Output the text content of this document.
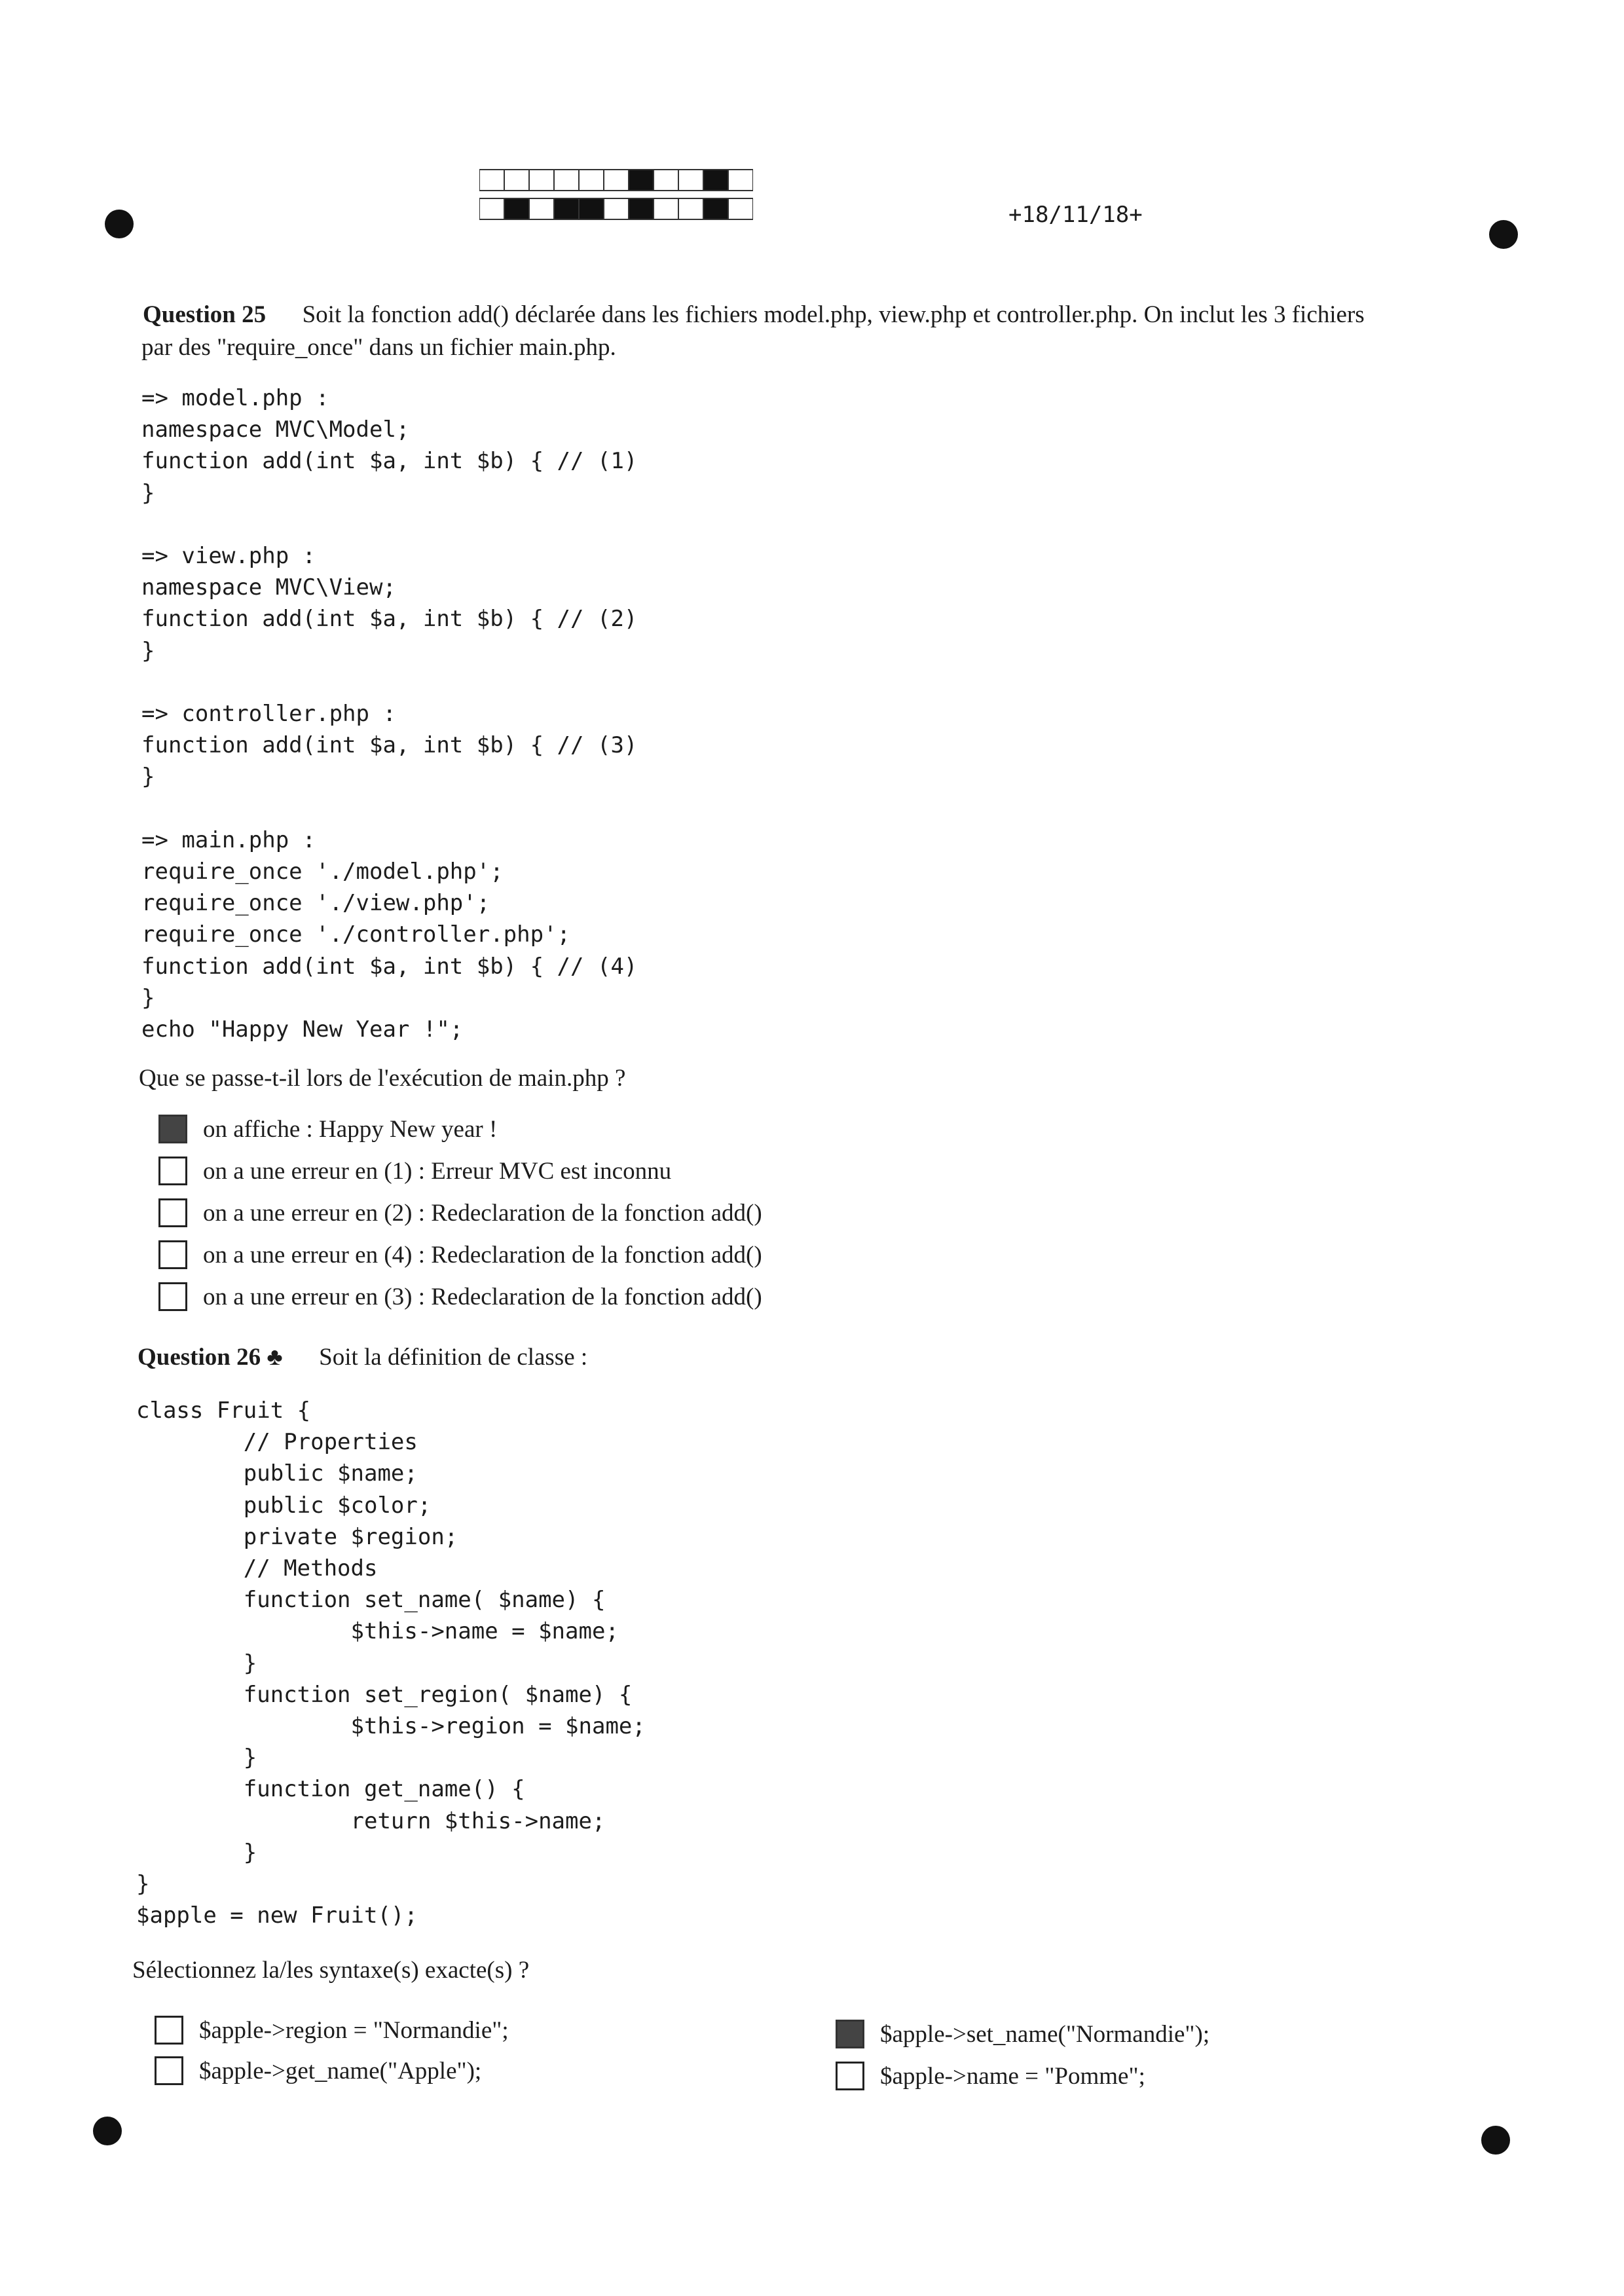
+18/11/18+
Question 25 Soit la fonction add() déclarée dans les fichiers model.php, view.php et controller.php. On inclut les 3 fichiers
par des "require_once" dans un fichier main.php.
=> model.php :
namespace MVC\Model;
function add(int $a, int $b) { // (1)
}

=> view.php :
namespace MVC\View;
function add(int $a, int $b) { // (2)
}

=> controller.php :
function add(int $a, int $b) { // (3)
}

=> main.php :
require_once './model.php';
require_once './view.php';
require_once './controller.php';
function add(int $a, int $b) { // (4)
}
echo "Happy New Year !";
Que se passe-t-il lors de l'exécution de main.php ?
on affiche : Happy New year !
on a une erreur en (1) : Erreur MVC est inconnu
on a une erreur en (2) : Redeclaration de la fonction add()
on a une erreur en (4) : Redeclaration de la fonction add()
on a une erreur en (3) : Redeclaration de la fonction add()
Question 26 ♣ Soit la définition de classe :
class Fruit {
// Properties
public $name;
public $color;
private $region;
// Methods
function set_name( $name) {
$this->name = $name;
}
function set_region( $name) {
$this->region = $name;
}
function get_name() {
return $this->name;
}
}
$apple = new Fruit();
Sélectionnez la/les syntaxe(s) exacte(s) ?
$apple->region = "Normandie";
$apple->get_name("Apple");
$apple->set_name("Normandie");
$apple->name = "Pomme";
